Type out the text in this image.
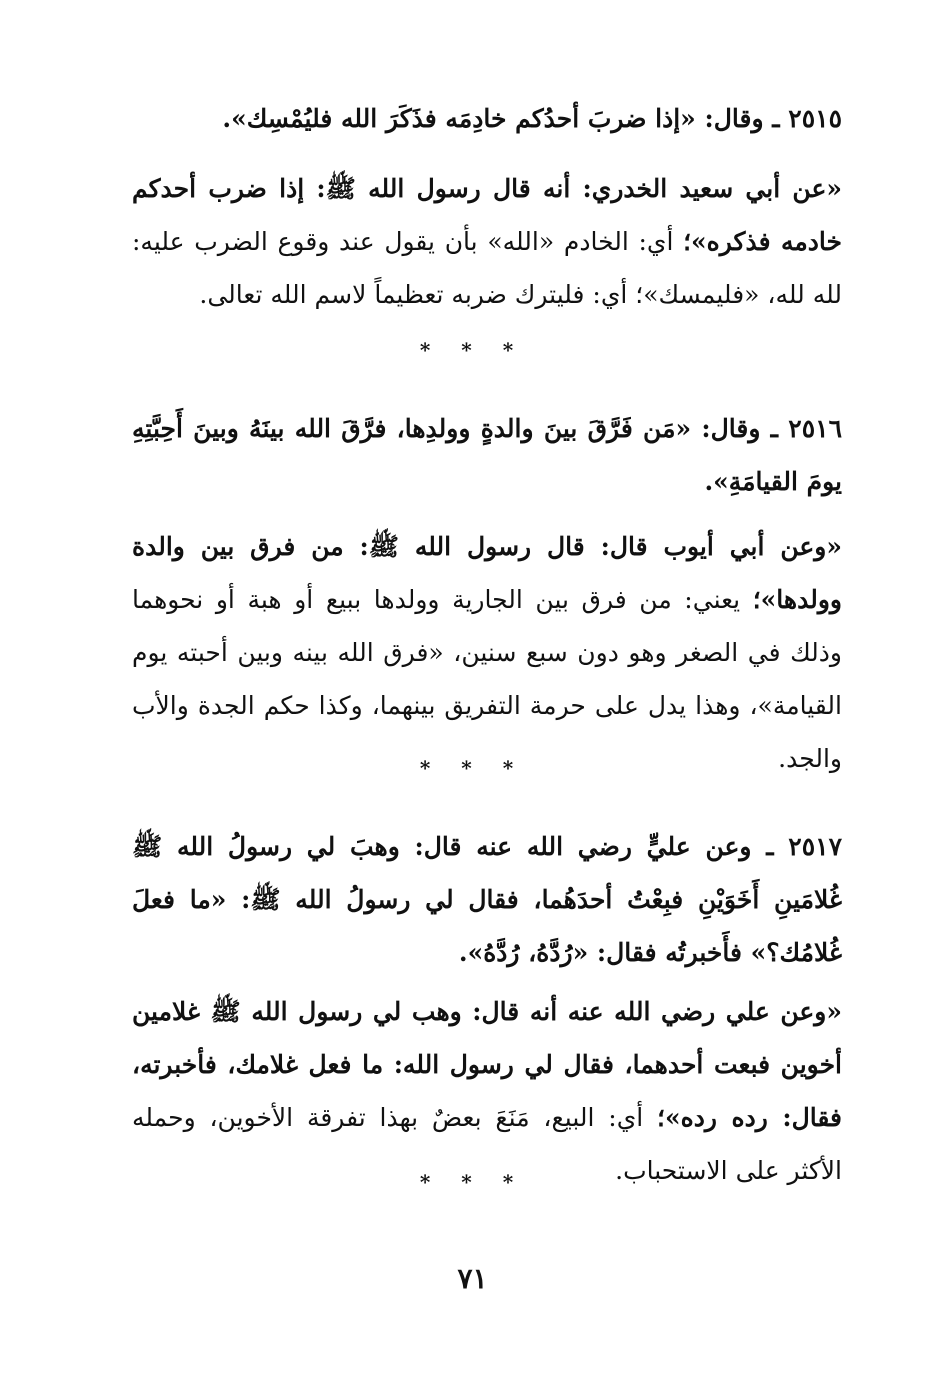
٢٥١٥ ـ وقال: «إذا ضربَ أحدُكم خادِمَه فذَكَرَ الله فليُمْسِك».

«عن أبي سعيد الخدري: أنه قال رسول الله ﷺ: إذا ضرب أحدكم خادمه فذكره»؛ أي: الخادم «الله» بأن يقول عند وقوع الضرب عليه: لله لله، «فليمسك»؛ أي: فليترك ضربه تعظيماً لاسم الله تعالى.

* * *

٢٥١٦ ـ وقال: «مَن فَرَّقَ بينَ والدةٍ وولدِها، فرَّقَ الله بينَهُ وبينَ أَحِبَّتِهِ يومَ القيامَةِ».

«وعن أبي أيوب قال: قال رسول الله ﷺ: من فرق بين والدة وولدها»؛ يعني: من فرق بين الجارية وولدها ببيع أو هبة أو نحوهما وذلك في الصغر وهو دون سبع سنين، «فرق الله بينه وبين أحبته يوم القيامة»، وهذا يدل على حرمة التفريق بينهما، وكذا حكم الجدة والأب والجد.

* * *

٢٥١٧ ـ وعن عليٍّ رضي الله عنه قال: وهبَ لي رسولُ الله ﷺ غُلامَينِ أَخَوَيْنِ فبِعْتُ أحدَهُما، فقال لي رسولُ الله ﷺ: «ما فعلَ غُلامُك؟» فأَخبرتُه فقال: «رُدَّهُ، رُدَّهُ».

«وعن علي رضي الله عنه أنه قال: وهب لي رسول الله ﷺ غلامين أخوين فبعت أحدهما، فقال لي رسول الله: ما فعل غلامك، فأخبرته، فقال: رده رده»؛ أي: البيع، مَنَعَ بعضٌ بهذا تفرقة الأخوين، وحمله الأكثر على الاستحباب.

* * *
٧١
